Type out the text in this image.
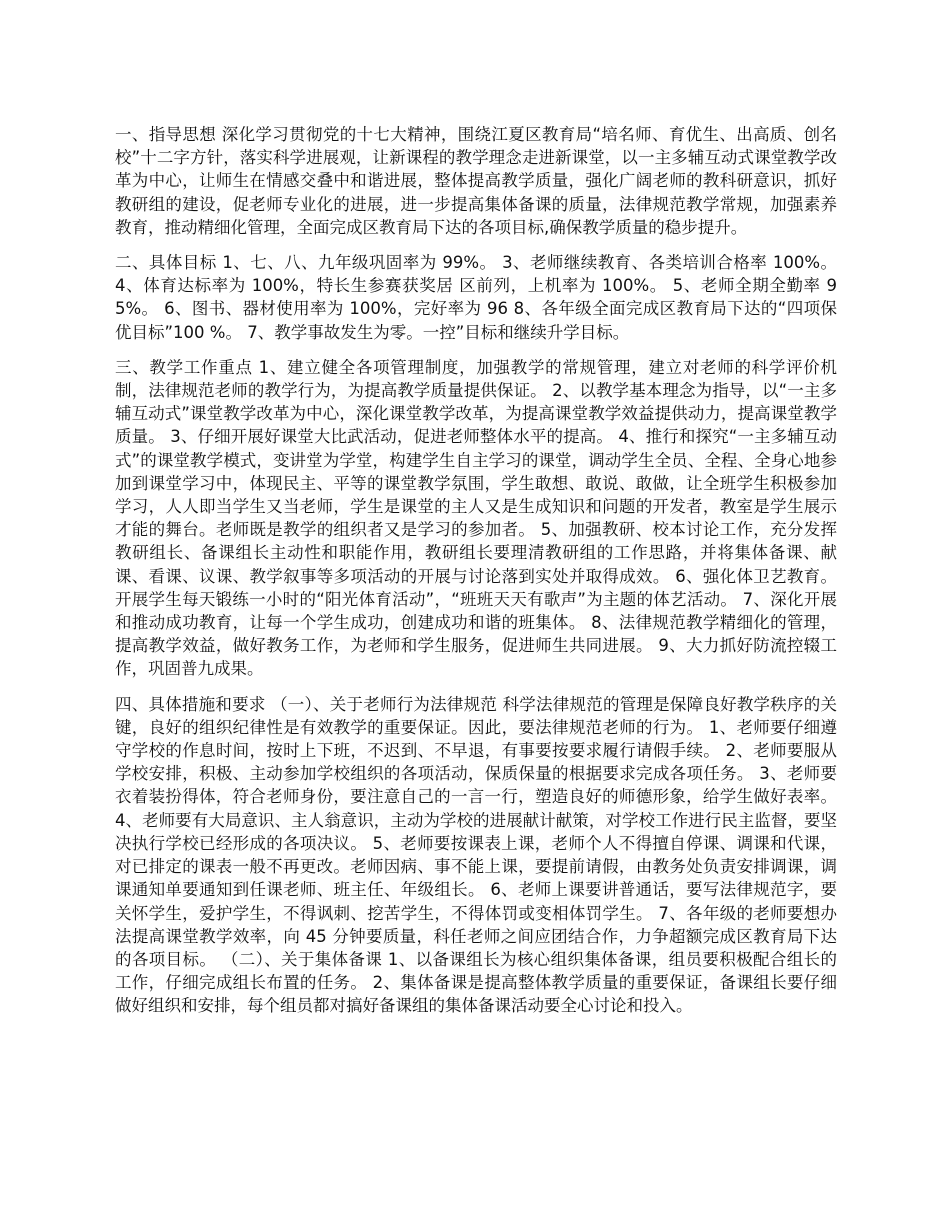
一、指导思想 深化学习贯彻党的十七大精神，围绕江夏区教育局“培名师、育优生、出高质、创名校”十二字方针，落实科学进展观，让新课程的教学理念走进新课堂，以一主多辅互动式课堂教学改革为中心，让师生在情感交叠中和谐进展，整体提高教学质量，强化广阔老师的教科研意识，抓好教研组的建设，促老师专业化的进展，进一步提高集体备课的质量，法律规范教学常规，加强素养教育，推动精细化管理，全面完成区教育局下达的各项目标,确保教学质量的稳步提升。

二、具体目标 1、七、八、九年级巩固率为 99%。 3、老师继续教育、各类培训合格率 100%。 4、体育达标率为 100%，特长生参赛获奖居 区前列，上机率为 100%。 5、老师全期全勤率 95%。 6、图书、器材使用率为 100%，完好率为 96 8、各年级全面完成区教育局下达的“四项保优目标”100 %。 7、教学事故发生为零。一控”目标和继续升学目标。

三、教学工作重点 1、建立健全各项管理制度，加强教学的常规管理，建立对老师的科学评价机制，法律规范老师的教学行为，为提高教学质量提供保证。 2、以教学基本理念为指导，以“一主多辅互动式”课堂教学改革为中心，深化课堂教学改革，为提高课堂教学效益提供动力，提高课堂教学质量。 3、仔细开展好课堂大比武活动，促进老师整体水平的提高。 4、推行和探究“一主多辅互动式”的课堂教学模式，变讲堂为学堂，构建学生自主学习的课堂，调动学生全员、全程、全身心地参加到课堂学习中，体现民主、平等的课堂教学氛围，学生敢想、敢说、敢做，让全班学生积极参加学习，人人即当学生又当老师，学生是课堂的主人又是生成知识和问题的开发者，教室是学生展示才能的舞台。老师既是教学的组织者又是学习的参加者。 5、加强教研、校本讨论工作，充分发挥教研组长、备课组长主动性和职能作用，教研组长要理清教研组的工作思路，并将集体备课、献课、看课、议课、教学叙事等多项活动的开展与讨论落到实处并取得成效。 6、强化体卫艺教育。开展学生每天锻练一小时的“阳光体育活动”，“班班天天有歌声”为主题的体艺活动。 7、深化开展和推动成功教育，让每一个学生成功，创建成功和谐的班集体。 8、法律规范教学精细化的管理，提高教学效益，做好教务工作，为老师和学生服务，促进师生共同进展。 9、大力抓好防流控辍工作，巩固普九成果。

四、具体措施和要求 （一）、关于老师行为法律规范 科学法律规范的管理是保障良好教学秩序的关键，良好的组织纪律性是有效教学的重要保证。因此，要法律规范老师的行为。 1、老师要仔细遵守学校的作息时间，按时上下班，不迟到、不早退，有事要按要求履行请假手续。 2、老师要服从学校安排，积极、主动参加学校组织的各项活动，保质保量的根据要求完成各项任务。 3、老师要衣着装扮得体，符合老师身份，要注意自己的一言一行，塑造良好的师德形象，给学生做好表率。 4、老师要有大局意识、主人翁意识，主动为学校的进展献计献策，对学校工作进行民主监督，要坚决执行学校已经形成的各项决议。 5、老师要按课表上课，老师个人不得擅自停课、调课和代课，对已排定的课表一般不再更改。老师因病、事不能上课，要提前请假，由教务处负责安排调课，调课通知单要通知到任课老师、班主任、年级组长。 6、老师上课要讲普通话，要写法律规范字，要关怀学生，爱护学生，不得讽刺、挖苦学生，不得体罚或变相体罚学生。 7、各年级的老师要想办法提高课堂教学效率，向 45 分钟要质量，科任老师之间应团结合作，力争超额完成区教育局下达的各项目标。 （二）、关于集体备课 1、以备课组长为核心组织集体备课，组员要积极配合组长的工作，仔细完成组长布置的任务。 2、集体备课是提高整体教学质量的重要保证，备课组长要仔细做好组织和安排，每个组员都对搞好备课组的集体备课活动要全心讨论和投入。
